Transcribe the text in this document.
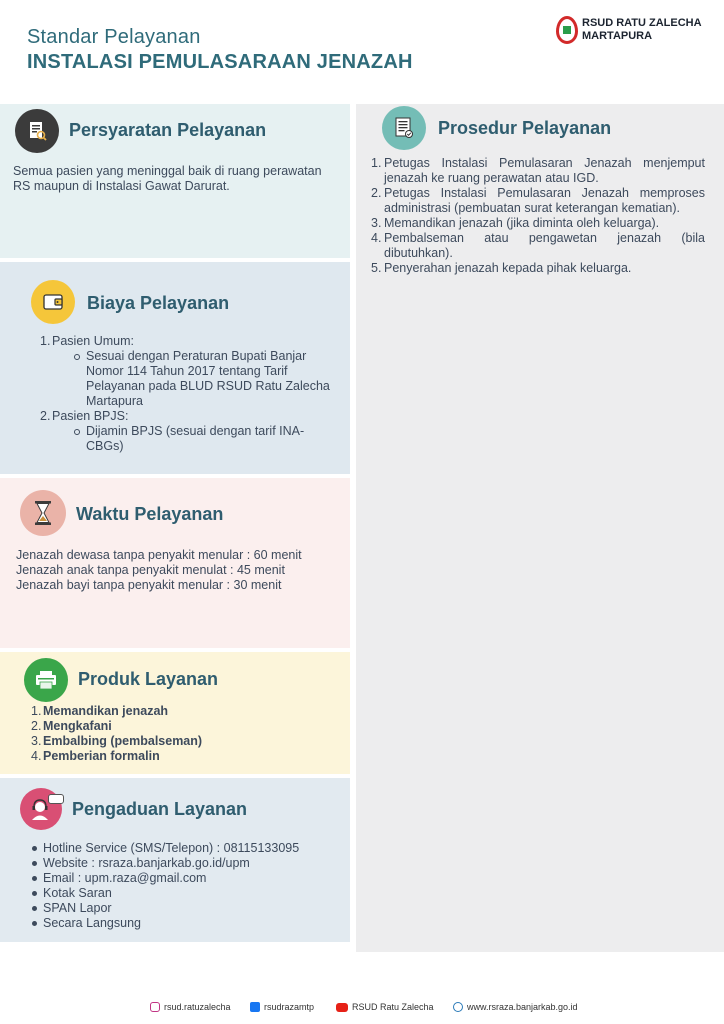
Standar Pelayanan
INSTALASI PEMULASARAAN JENAZAH
RSUD RATU ZALECHA
MARTAPURA
Persyaratan Pelayanan
Semua pasien yang meninggal baik di ruang perawatan RS maupun di Instalasi Gawat Darurat.
Biaya Pelayanan
Pasien Umum:
Sesuai dengan Peraturan Bupati Banjar Nomor 114 Tahun 2017 tentang Tarif Pelayanan pada BLUD RSUD Ratu Zalecha Martapura
Pasien BPJS:
Dijamin BPJS (sesuai dengan tarif INA-CBGs)
Waktu Pelayanan
Jenazah dewasa tanpa penyakit menular : 60 menit
Jenazah anak tanpa penyakit menulat : 45 menit
Jenazah bayi tanpa penyakit menular : 30 menit
Produk Layanan
Memandikan jenazah
Mengkafani
Embalbing (pembalseman)
Pemberian formalin
Pengaduan Layanan
Hotline Service (SMS/Telepon) : 08115133095
Website : rsraza.banjarkab.go.id/upm
Email : upm.raza@gmail.com
Kotak Saran
SPAN Lapor
Secara Langsung
Prosedur Pelayanan
Petugas Instalasi Pemulasaran Jenazah menjemput jenazah ke ruang perawatan atau IGD.
Petugas Instalasi Pemulasaran Jenazah memproses administrasi (pembuatan surat keterangan kematian).
Memandikan jenazah (jika diminta oleh keluarga).
Pembalseman atau pengawetan jenazah (bila dibutuhkan).
Penyerahan jenazah kepada pihak keluarga.
rsud.ratuzalecha	rsudrazamtp	RSUD Ratu Zalecha	www.rsraza.banjarkab.go.id
